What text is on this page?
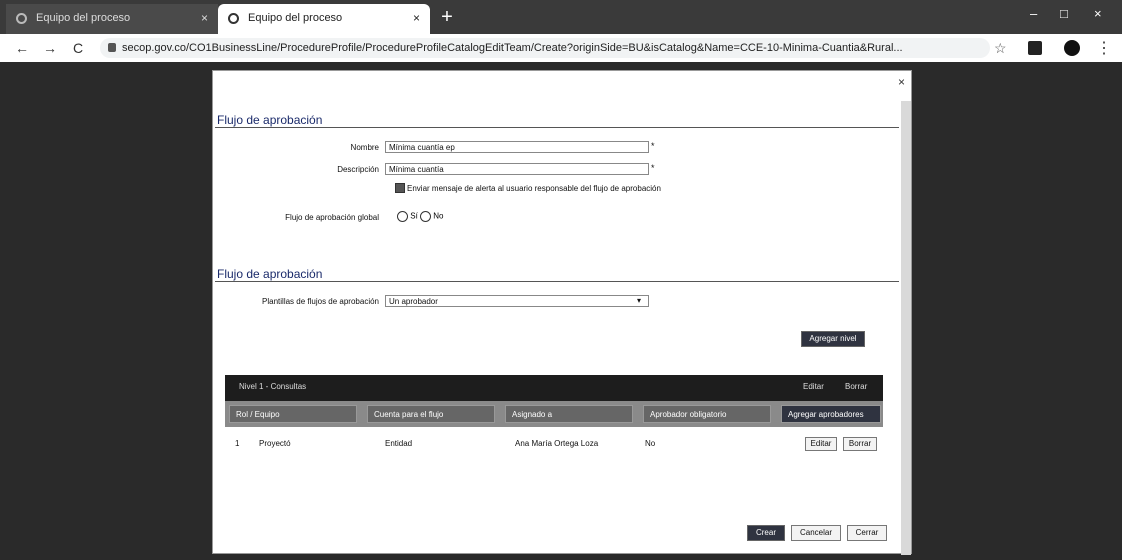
Equipo del proceso	×	Equipo del proceso	×	+	– □ ×
← →	C	secop.gov.co/CO1BusinessLine/ProcedureProfile/ProcedureProfileCatalogEditTeam/Create?originSide=BU&isCatalog&Name=CCE-10-Minima-Cuantia&Rural...	☆	⋮
×
Flujo de aprobación
Nombre	Mínima cuantía ep	*
Descripción	Mínima cuantía	*
Enviar mensaje de alerta al usuario responsable del flujo de aprobación
Flujo de aprobación global	Sí No
Flujo de aprobación
Plantillas de flujos de aprobación	Un aprobador	▾
Agregar nivel
Nivel 1 - Consultas	Editar	Borrar
Rol / Equipo	Cuenta para el flujo	Asignado a	Aprobador obligatorio	Agregar aprobadores
1 Proyectó	Entidad	Ana María Ortega Loza	No	Editar	Borrar
Crear	Cancelar	Cerrar
